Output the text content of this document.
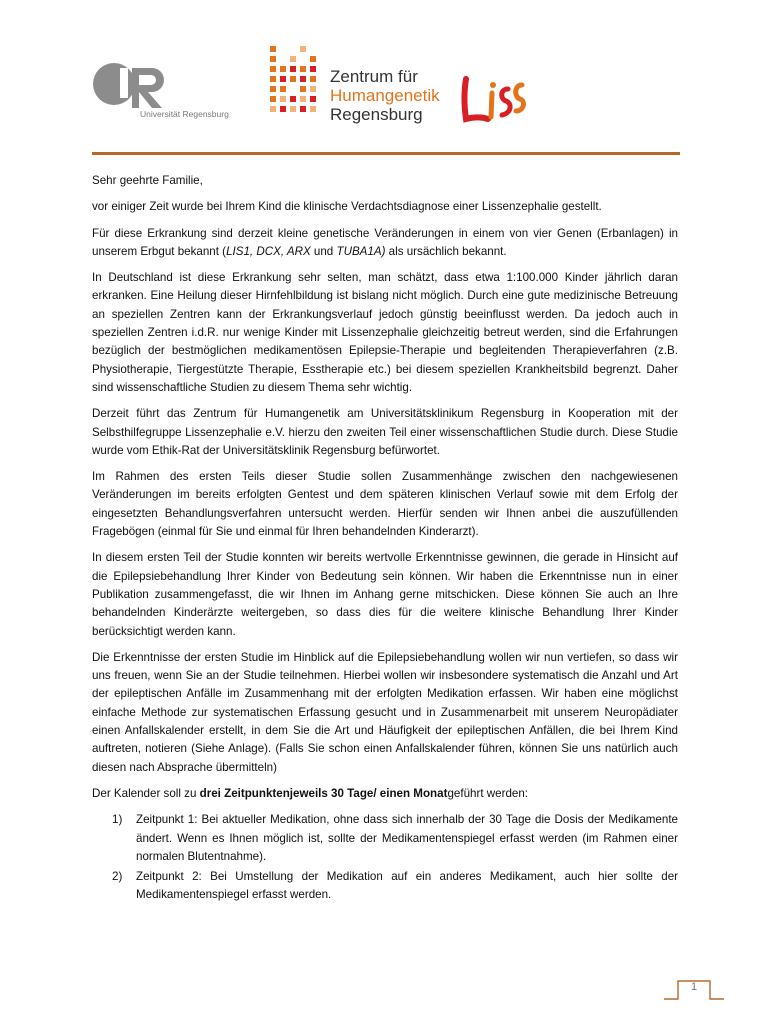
Universität Regensburg
Zentrum für
Humangenetik
Regensburg

Sehr geehrte Familie,

vor einiger Zeit wurde bei Ihrem Kind die klinische Verdachtsdiagnose einer Lissenzephalie gestellt.

Für diese Erkrankung sind derzeit kleine genetische Veränderungen in einem von vier Genen (Erbanlagen) in unserem Erbgut bekannt (LIS1, DCX, ARX und TUBA1A) als ursächlich bekannt.

In Deutschland ist diese Erkrankung sehr selten, man schätzt, dass etwa 1:100.000 Kinder jährlich daran erkranken. Eine Heilung dieser Hirnfehlbildung ist bislang nicht möglich. Durch eine gute medizinische Betreuung an speziellen Zentren kann der Erkrankungsverlauf jedoch günstig beeinflusst werden. Da jedoch auch in speziellen Zentren i.d.R. nur wenige Kinder mit Lissenzephalie gleichzeitig betreut werden, sind die Erfahrungen bezüglich der bestmöglichen medikamentösen Epilepsie-Therapie und begleitenden Therapieverfahren (z.B. Physiotherapie, Tiergestützte Therapie, Esstherapie etc.) bei diesem speziellen Krankheitsbild begrenzt. Daher sind wissenschaftliche Studien zu diesem Thema sehr wichtig.

Derzeit führt das Zentrum für Humangenetik am Universitätsklinikum Regensburg in Kooperation mit der Selbsthilfegruppe Lissenzephalie e.V. hierzu den zweiten Teil einer wissenschaftlichen Studie durch. Diese Studie wurde vom Ethik-Rat der Universitätsklinik Regensburg befürwortet.

Im Rahmen des ersten Teils dieser Studie sollen Zusammenhänge zwischen den nachgewiesenen Veränderungen im bereits erfolgten Gentest und dem späteren klinischen Verlauf sowie mit dem Erfolg der eingesetzten Behandlungsverfahren untersucht werden. Hierfür senden wir Ihnen anbei die auszufüllenden Fragebögen (einmal für Sie und einmal für Ihren behandelnden Kinderarzt).

In diesem ersten Teil der Studie konnten wir bereits wertvolle Erkenntnisse gewinnen, die gerade in Hinsicht auf die Epilepsiebehandlung Ihrer Kinder von Bedeutung sein können. Wir haben die Erkenntnisse nun in einer Publikation zusammengefasst, die wir Ihnen im Anhang gerne mitschicken. Diese können Sie auch an Ihre behandelnden Kinderärzte weitergeben, so dass dies für die weitere klinische Behandlung Ihrer Kinder berücksichtigt werden kann.

Die Erkenntnisse der ersten Studie im Hinblick auf die Epilepsiebehandlung wollen wir nun vertiefen, so dass wir uns freuen, wenn Sie an der Studie teilnehmen. Hierbei wollen wir insbesondere systematisch die Anzahl und Art der epileptischen Anfälle im Zusammenhang mit der erfolgten Medikation erfassen. Wir haben eine möglichst einfache Methode zur systematischen Erfassung gesucht und in Zusammenarbeit mit unserem Neuropädiater einen Anfallskalender erstellt, in dem Sie die Art und Häufigkeit der epileptischen Anfällen, die bei Ihrem Kind auftreten, notieren (Siehe Anlage). (Falls Sie schon einen Anfallskalender führen, können Sie uns natürlich auch diesen nach Absprache übermitteln)

Der Kalender soll zu drei Zeitpunktenjeweils 30 Tage/ einen Monatgeführt werden:

1) Zeitpunkt 1: Bei aktueller Medikation, ohne dass sich innerhalb der 30 Tage die Dosis der Medikamente ändert. Wenn es Ihnen möglich ist, sollte der Medikamentenspiegel erfasst werden (im Rahmen einer normalen Blutentnahme).
2) Zeitpunkt 2: Bei Umstellung der Medikation auf ein anderes Medikament, auch hier sollte der Medikamentenspiegel erfasst werden.
1
